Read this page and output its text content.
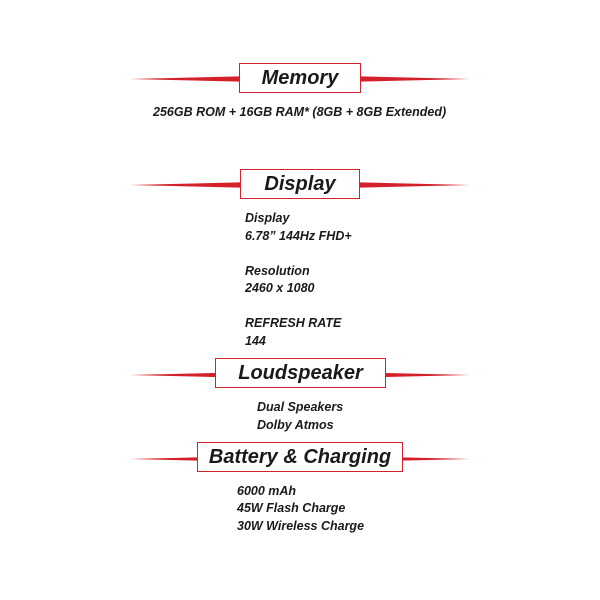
Memory
256GB ROM + 16GB RAM* (8GB + 8GB Extended)
Display
Display
6.78” 144Hz FHD+
Resolution
2460 x 1080
REFRESH RATE
144
Loudspeaker
Dual Speakers
Dolby Atmos
Battery & Charging
6000 mAh
45W Flash Charge
30W Wireless Charge
